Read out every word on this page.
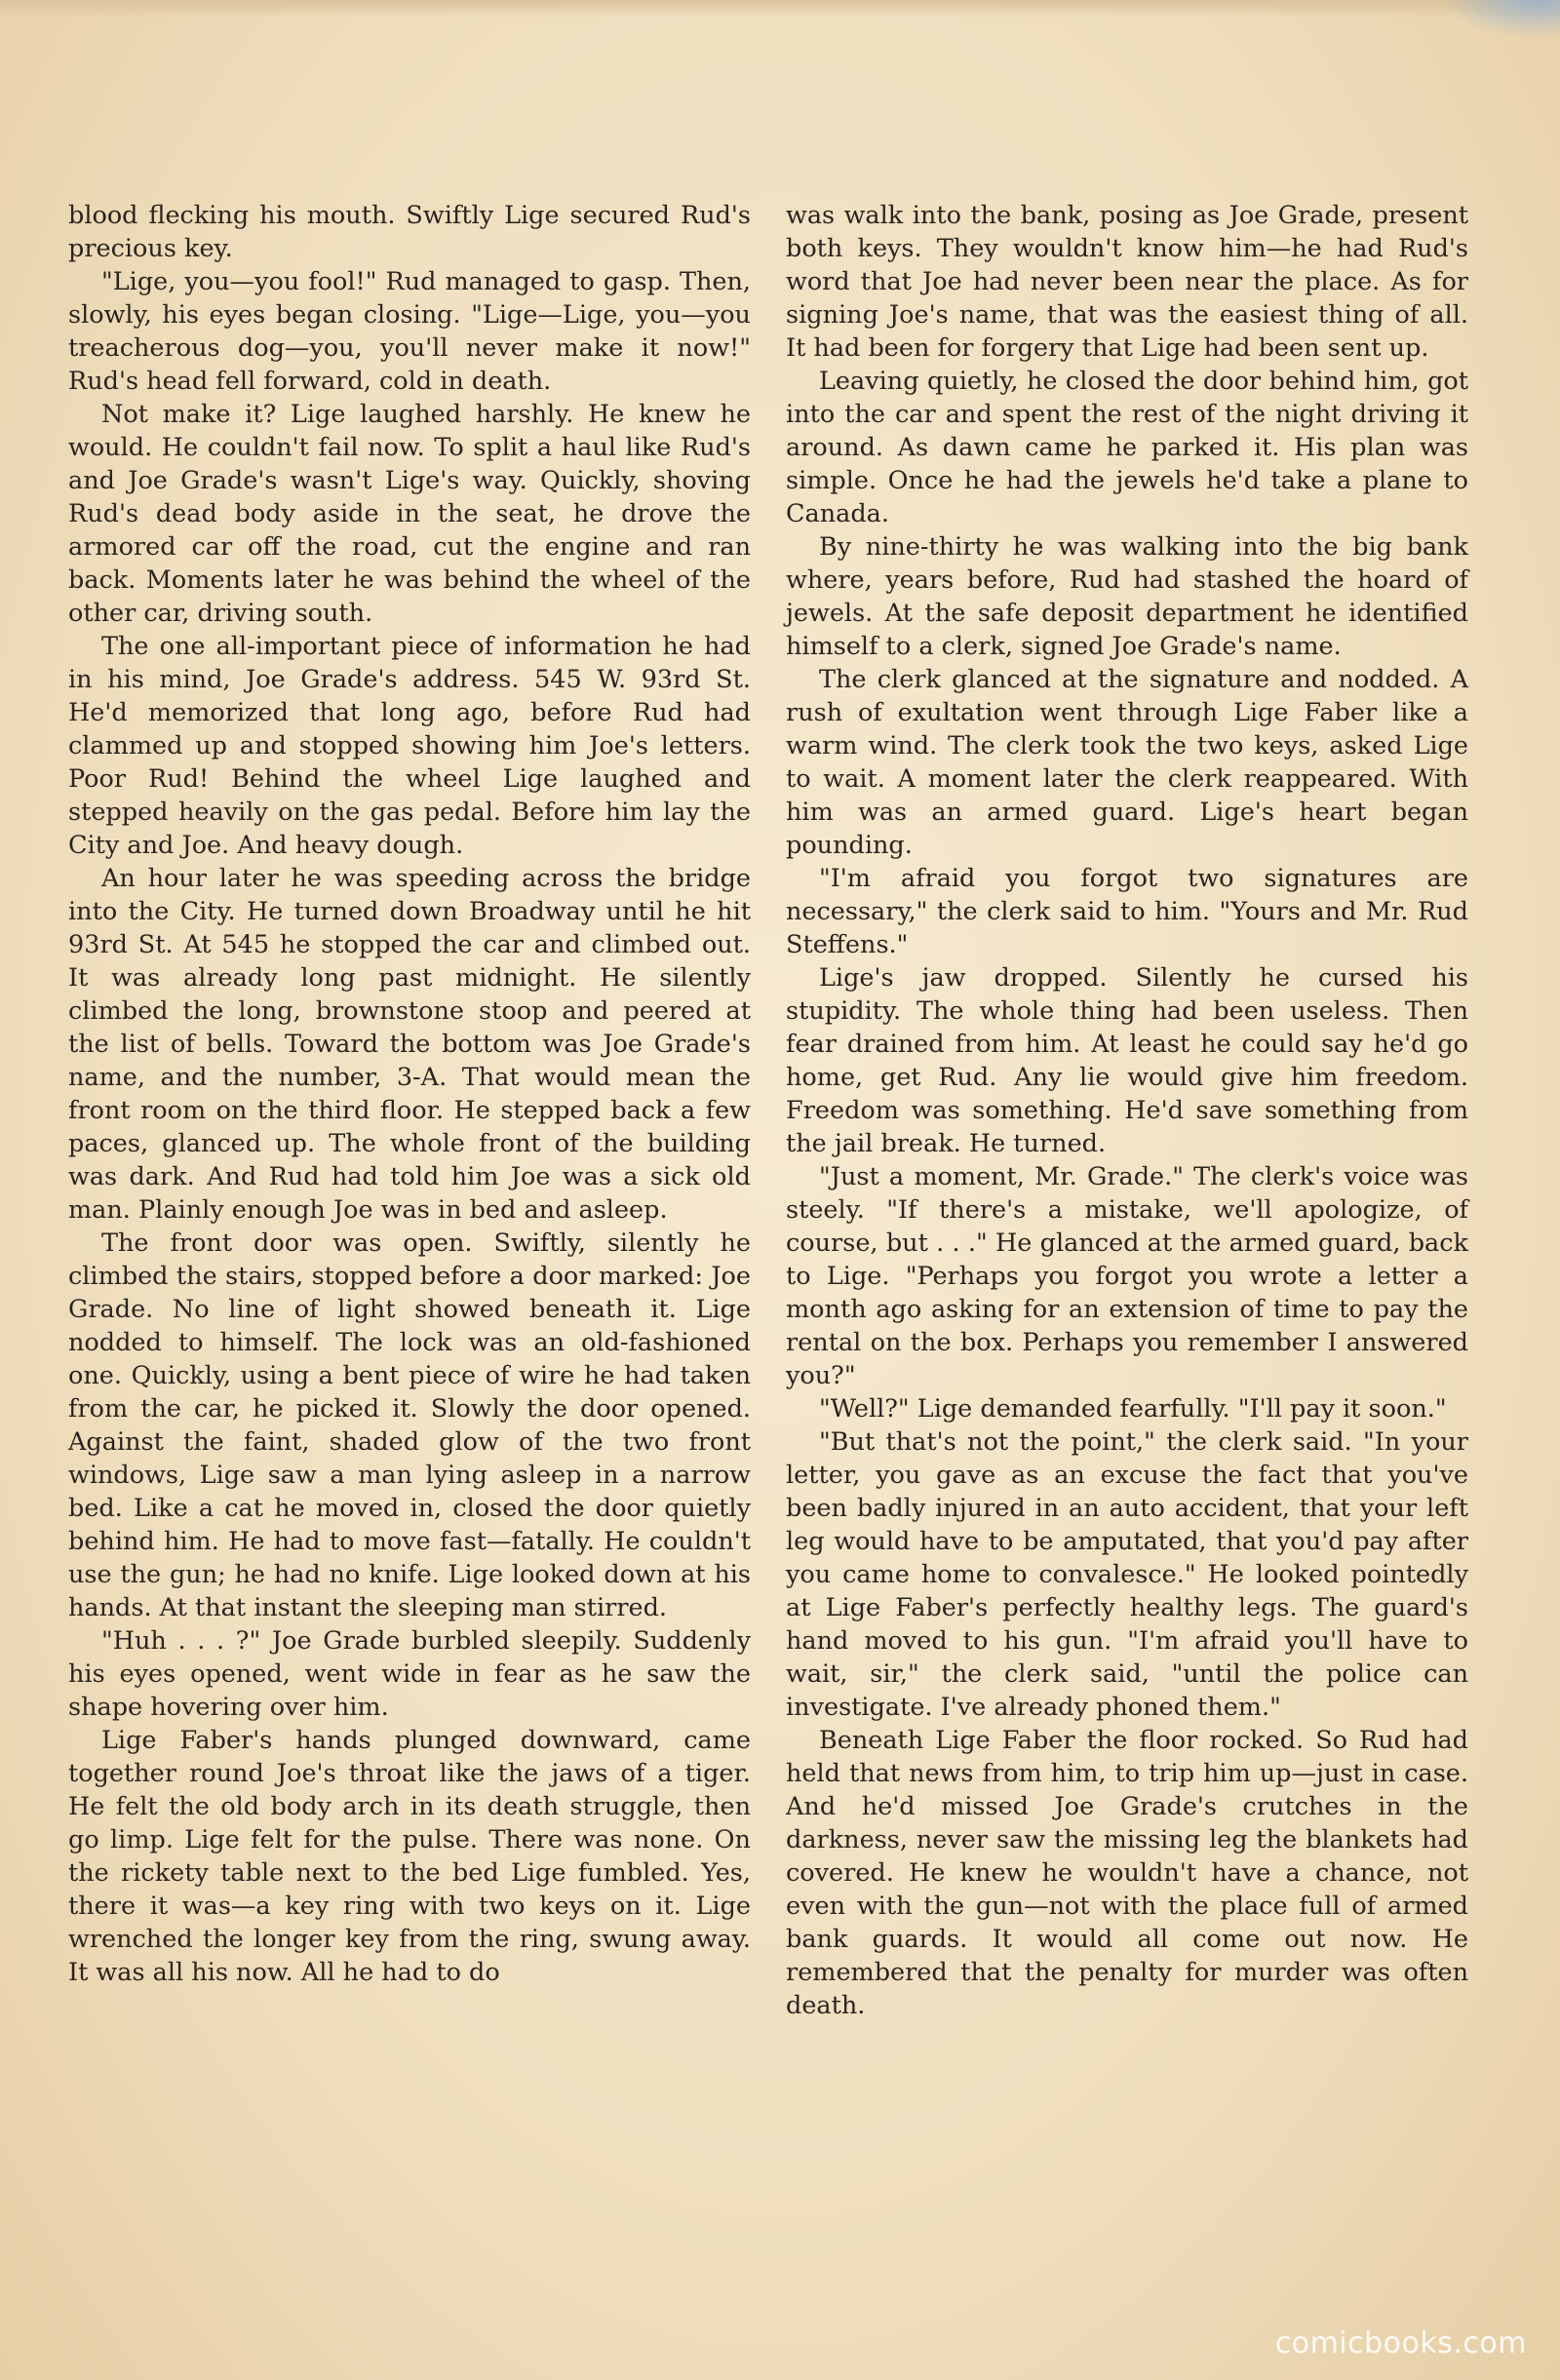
blood flecking his mouth. Swiftly Lige secured Rud's precious key.

"Lige, you—you fool!" Rud managed to gasp. Then, slowly, his eyes began closing. "Lige—Lige, you—you treacherous dog—you, you'll never make it now!" Rud's head fell forward, cold in death.

Not make it? Lige laughed harshly. He knew he would. He couldn't fail now. To split a haul like Rud's and Joe Grade's wasn't Lige's way. Quickly, shoving Rud's dead body aside in the seat, he drove the armored car off the road, cut the engine and ran back. Moments later he was behind the wheel of the other car, driving south.

The one all-important piece of information he had in his mind, Joe Grade's address. 545 W. 93rd St. He'd memorized that long ago, before Rud had clammed up and stopped showing him Joe's letters. Poor Rud! Behind the wheel Lige laughed and stepped heavily on the gas pedal. Before him lay the City and Joe. And heavy dough.

An hour later he was speeding across the bridge into the City. He turned down Broadway until he hit 93rd St. At 545 he stopped the car and climbed out. It was already long past midnight. He silently climbed the long, brownstone stoop and peered at the list of bells. Toward the bottom was Joe Grade's name, and the number, 3-A. That would mean the front room on the third floor. He stepped back a few paces, glanced up. The whole front of the building was dark. And Rud had told him Joe was a sick old man. Plainly enough Joe was in bed and asleep.

The front door was open. Swiftly, silently he climbed the stairs, stopped before a door marked: Joe Grade. No line of light showed beneath it. Lige nodded to himself. The lock was an old-fashioned one. Quickly, using a bent piece of wire he had taken from the car, he picked it. Slowly the door opened. Against the faint, shaded glow of the two front windows, Lige saw a man lying asleep in a narrow bed. Like a cat he moved in, closed the door quietly behind him. He had to move fast—fatally. He couldn't use the gun; he had no knife. Lige looked down at his hands. At that instant the sleeping man stirred.

"Huh . . . ?" Joe Grade burbled sleepily. Suddenly his eyes opened, went wide in fear as he saw the shape hovering over him.

Lige Faber's hands plunged downward, came together round Joe's throat like the jaws of a tiger. He felt the old body arch in its death struggle, then go limp. Lige felt for the pulse. There was none. On the rickety table next to the bed Lige fumbled. Yes, there it was—a key ring with two keys on it. Lige wrenched the longer key from the ring, swung away. It was all his now. All he had to do

was walk into the bank, posing as Joe Grade, present both keys. They wouldn't know him—he had Rud's word that Joe had never been near the place. As for signing Joe's name, that was the easiest thing of all. It had been for forgery that Lige had been sent up.

Leaving quietly, he closed the door behind him, got into the car and spent the rest of the night driving it around. As dawn came he parked it. His plan was simple. Once he had the jewels he'd take a plane to Canada.

By nine-thirty he was walking into the big bank where, years before, Rud had stashed the hoard of jewels. At the safe deposit department he identified himself to a clerk, signed Joe Grade's name.

The clerk glanced at the signature and nodded. A rush of exultation went through Lige Faber like a warm wind. The clerk took the two keys, asked Lige to wait. A moment later the clerk reappeared. With him was an armed guard. Lige's heart began pounding.

"I'm afraid you forgot two signatures are necessary," the clerk said to him. "Yours and Mr. Rud Steffens."

Lige's jaw dropped. Silently he cursed his stupidity. The whole thing had been useless. Then fear drained from him. At least he could say he'd go home, get Rud. Any lie would give him freedom. Freedom was something. He'd save something from the jail break. He turned.

"Just a moment, Mr. Grade." The clerk's voice was steely. "If there's a mistake, we'll apologize, of course, but . . ." He glanced at the armed guard, back to Lige. "Perhaps you forgot you wrote a letter a month ago asking for an extension of time to pay the rental on the box. Perhaps you remember I answered you?"

"Well?" Lige demanded fearfully. "I'll pay it soon."

"But that's not the point," the clerk said. "In your letter, you gave as an excuse the fact that you've been badly injured in an auto accident, that your left leg would have to be amputated, that you'd pay after you came home to convalesce." He looked pointedly at Lige Faber's perfectly healthy legs. The guard's hand moved to his gun. "I'm afraid you'll have to wait, sir," the clerk said, "until the police can investigate. I've already phoned them."

Beneath Lige Faber the floor rocked. So Rud had held that news from him, to trip him up—just in case. And he'd missed Joe Grade's crutches in the darkness, never saw the missing leg the blankets had covered. He knew he wouldn't have a chance, not even with the gun—not with the place full of armed bank guards. It would all come out now. He remembered that the penalty for murder was often death.

comicbooks.com
